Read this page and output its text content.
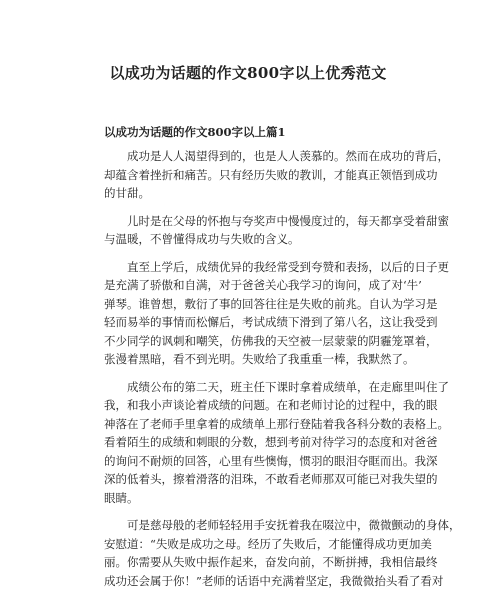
以成功为话题的作文800字以上优秀范文
以成功为话题的作文800字以上篇1

成功是人人渴望得到的，也是人人羡慕的。然而在成功的背后，
却蕴含着挫折和痛苦。只有经历失败的教训，才能真正领悟到成功
的甘甜。

儿时是在父母的怀抱与夸奖声中慢慢度过的，每天都享受着甜蜜
与温暖，不曾懂得成功与失败的含义。

直至上学后，成绩优异的我经常受到夸赞和表扬，以后的日子更
是充满了骄傲和自满，对于爸爸关心我学习的询问，成了对‘牛’
弹琴。谁曾想，敷衍了事的回答往往是失败的前兆。自认为学习是
轻而易举的事情而松懈后，考试成绩下滑到了第八名，这让我受到
不少同学的讽刺和嘲笑，仿佛我的天空被一层蒙蒙的阴霾笼罩着，
张漫着黑暗，看不到光明。失败给了我重重一棒，我默然了。

成绩公布的第二天，班主任下课时拿着成绩单，在走廊里叫住了
我，和我小声谈论着成绩的问题。在和老师讨论的过程中，我的眼
神落在了老师手里拿着的成绩单上那行登陆着我各科分数的表格上。
看着陌生的成绩和刺眼的分数，想到考前对待学习的态度和对爸爸
的询问不耐烦的回答，心里有些懊悔，惯羽的眼泪夺眶而出。我深
深的低着头，擦着滑落的泪珠，不敢看老师那双可能已对我失望的
眼睛。

可是慈母般的老师轻轻用手安抚着我在啜泣中，微微颤动的身体，
安慰道：“失败是成功之母。经历了失败后，才能懂得成功更加美
丽。你需要从失败中振作起来，奋发向前，不断拼搏，我相信最终
成功还会属于你！”老师的话语中充满着坚定，我微微抬头看了看对
